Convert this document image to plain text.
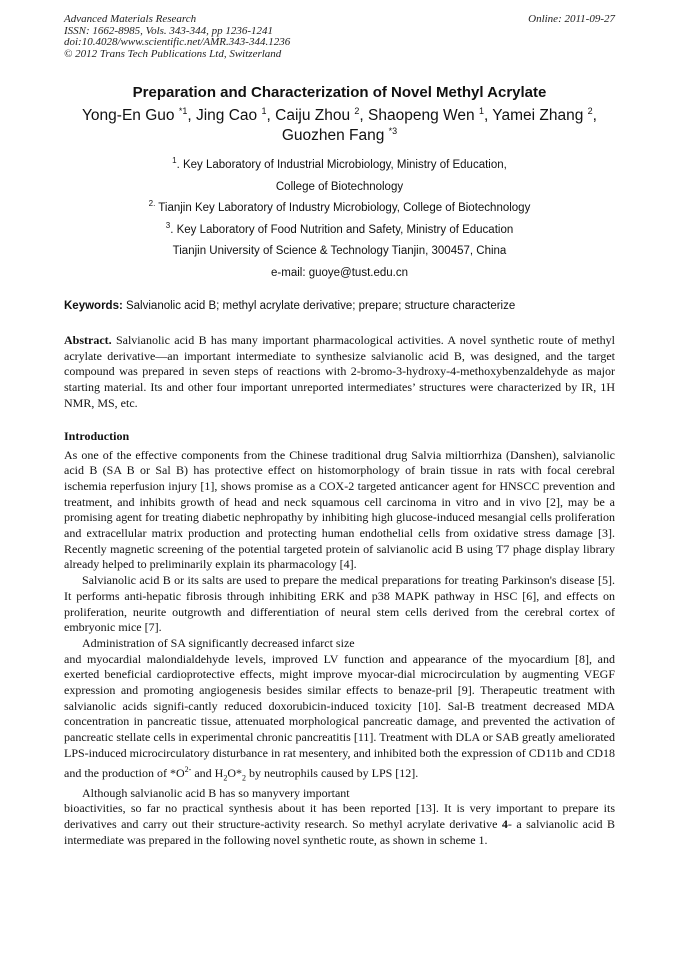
Advanced Materials Research
ISSN: 1662-8985, Vols. 343-344, pp 1236-1241
doi:10.4028/www.scientific.net/AMR.343-344.1236
© 2012 Trans Tech Publications Ltd, Switzerland
Online: 2011-09-27
Preparation and Characterization of Novel Methyl Acrylate
Yong-En Guo $^{*1}$, Jing Cao $^1$, Caiju Zhou $^2$, Shaopeng Wen $^1$, Yamei Zhang $^2$,
Guozhen Fang $^{*3}$
$^1$. Key Laboratory of Industrial Microbiology, Ministry of Education,
College of Biotechnology
$^{2.}$ Tianjin Key Laboratory of Industry Microbiology, College of Biotechnology
$^3$. Key Laboratory of Food Nutrition and Safety, Ministry of Education
Tianjin University of Science & Technology Tianjin, 300457, China
e-mail: guoye@tust.edu.cn
Keywords: Salvianolic acid B; methyl acrylate derivative; prepare; structure characterize
Abstract. Salvianolic acid B has many important pharmacological activities. A novel synthetic route of methyl acrylate derivative—an important intermediate to synthesize salvianolic acid B, was designed, and the target compound was prepared in seven steps of reactions with 2-bromo-3-hydroxy-4-methoxybenzaldehyde as major starting material. Its and other four important unreported intermediates’ structures were characterized by IR, 1H NMR, MS, etc.
Introduction

As one of the effective components from the Chinese traditional drug Salvia miltiorrhiza (Danshen), salvianolic acid B (SA B or Sal B) has protective effect on histomorphology of brain tissue in rats with focal cerebral ischemia reperfusion injury [1], shows promise as a COX-2 targeted anticancer agent for HNSCC prevention and treatment, and inhibits growth of head and neck squamous cell carcinoma in vitro and in vivo [2], may be a promising agent for treating diabetic nephropathy by inhibiting high glucose-induced mesangial cells proliferation and extracellular matrix production and protecting human endothelial cells from oxidative stress damage [3]. Recently magnetic screening of the potential targeted protein of salvianolic acid B using T7 phage display library already helped to preliminarily explain its pharmacology [4].

Salvianolic acid B or its salts are used to prepare the medical preparations for treating Parkinson's disease [5]. It performs anti-hepatic fibrosis through inhibiting ERK and p38 MAPK pathway in HSC [6], and effects on proliferation, neurite outgrowth and differentiation of neural stem cells derived from the cerebral cortex of embryonic mice [7].

Administration of SA significantly decreased infarct size

and myocardial malondialdehyde levels, improved LV function and appearance of the myocardium [8], and exerted beneficial cardioprotective effects, might improve myocar-dial microcirculation by augmenting VEGF expression and promoting angiogenesis besides similar effects to benaze-pril [9]. Therapeutic treatment with salvianolic acids signifi-cantly reduced doxorubicin-induced toxicity [10]. Sal-B treatment decreased MDA concentration in pancreatic tissue, attenuated morphological pancreatic damage, and prevented the activation of pancreatic stellate cells in experimental chronic pancreatitis [11]. Treatment with DLA or SAB greatly ameliorated LPS-induced microcirculatory disturbance in rat mesentery, and inhibited both the expression of CD11b and CD18 and the production of $*O^{2-}$ and $H_2O*_2$ by neutrophils caused by LPS [12].

Although salvianolic acid B has so manyvery important

bioactivities, so far no practical synthesis about it has been reported [13]. It is very important to prepare its derivatives and carry out their structure-activity research. So methyl acrylate derivative 4- a salvianolic acid B intermediate was prepared in the following novel synthetic route, as shown in scheme 1.
